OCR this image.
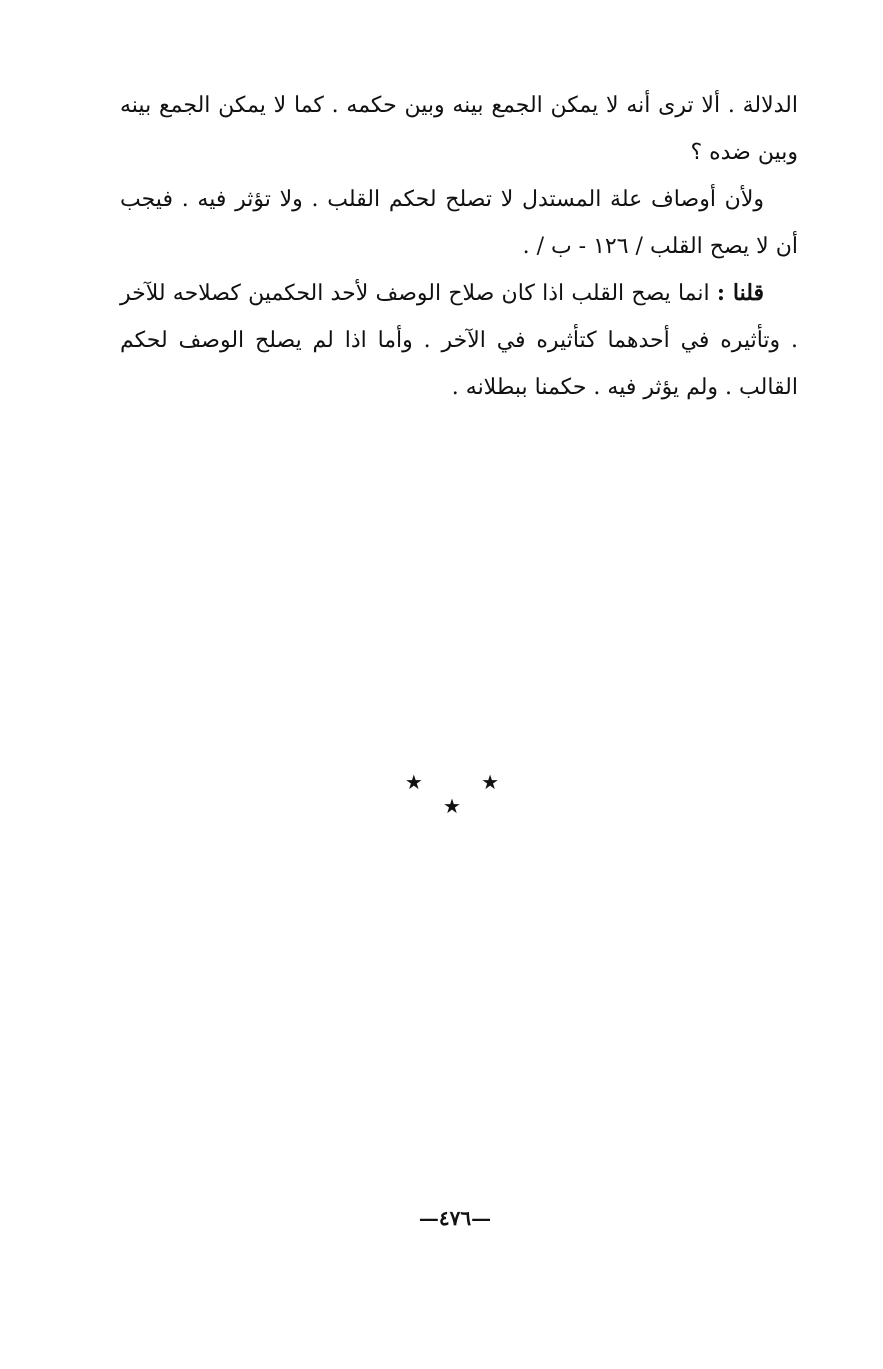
الدلالة . ألا ترى أنه لا يمكن الجمع بينه وبين حكمه . كما لا يمكن الجمع بينه وبين ضده ؟

ولأن أوصاف علة المستدل لا تصلح لحكم القلب . ولا تؤثر فيه . فيجب أن لا يصح القلب / ١٢٦ - ب / .

قلنا : انما يصح القلب اذا كان صلاح الوصف لأحد الحكمين كصلاحه للآخر . وتأثيره في أحدهما كتأثيره في الآخر . وأما اذا لم يصلح الوصف لحكم القالب . ولم يؤثر فيه . حكمنا ببطلانه .

★ ★ ★
—٤٧٦—
